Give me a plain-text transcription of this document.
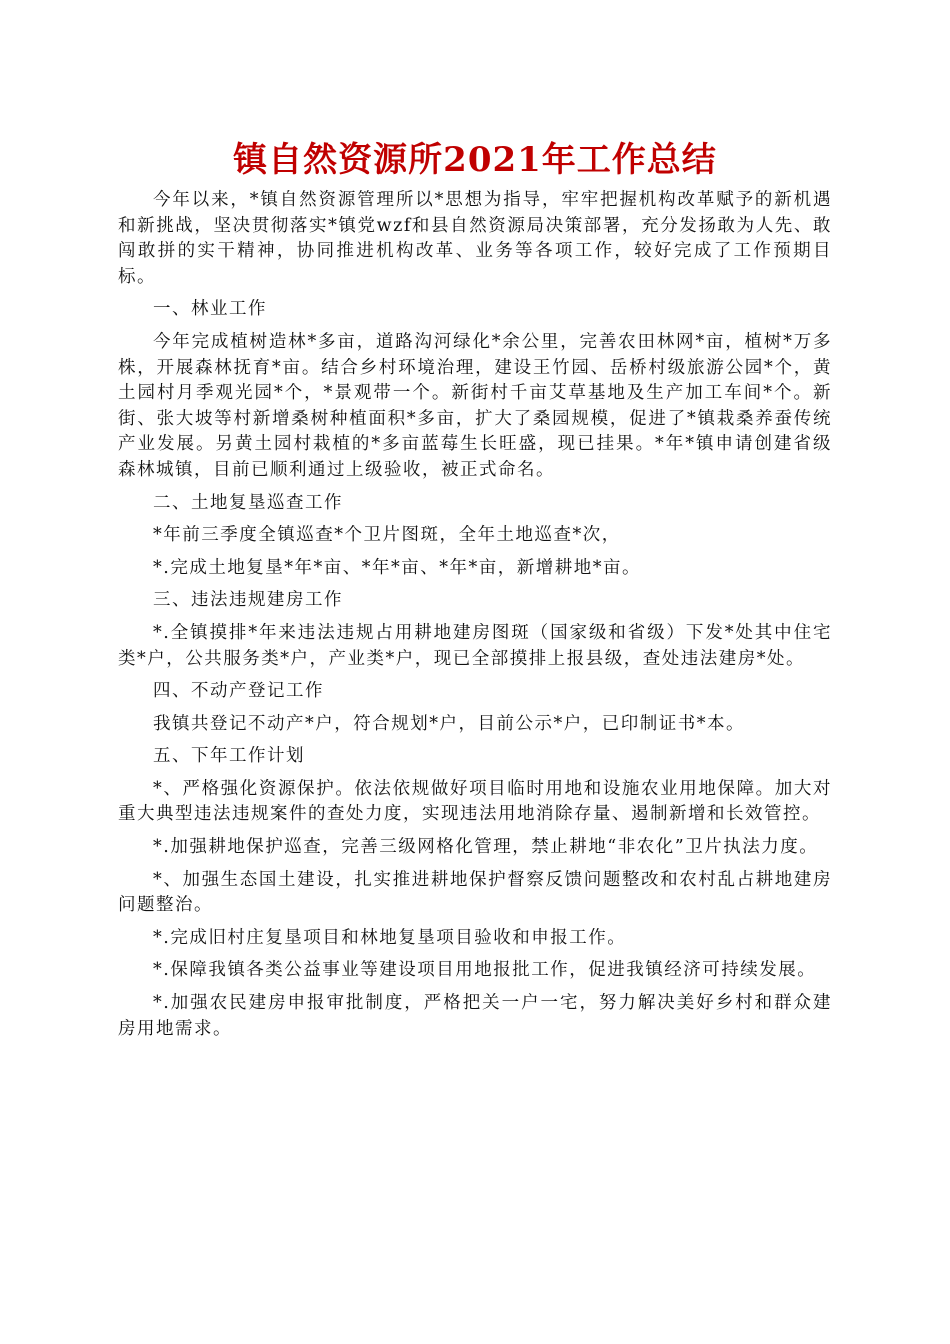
镇自然资源所2021年工作总结

今年以来，*镇自然资源管理所以*思想为指导，牢牢把握机构改革赋予的新机遇和新挑战，坚决贯彻落实*镇党wzf和县自然资源局决策部署，充分发扬敢为人先、敢闯敢拼的实干精神，协同推进机构改革、业务等各项工作，较好完成了工作预期目标。

一、林业工作

今年完成植树造林*多亩，道路沟河绿化*余公里，完善农田林网*亩，植树*万多株，开展森林抚育*亩。结合乡村环境治理，建设王竹园、岳桥村级旅游公园*个，黄土园村月季观光园*个，*景观带一个。新街村千亩艾草基地及生产加工车间*个。新街、张大坡等村新增桑树种植面积*多亩，扩大了桑园规模，促进了*镇栽桑养蚕传统产业发展。另黄土园村栽植的*多亩蓝莓生长旺盛，现已挂果。*年*镇申请创建省级森林城镇，目前已顺利通过上级验收，被正式命名。

二、土地复垦巡查工作

*年前三季度全镇巡查*个卫片图斑，全年土地巡查*次，

*.完成土地复垦*年*亩、*年*亩、*年*亩，新增耕地*亩。

三、违法违规建房工作

*.全镇摸排*年来违法违规占用耕地建房图斑（国家级和省级）下发*处其中住宅类*户，公共服务类*户，产业类*户，现已全部摸排上报县级，查处违法建房*处。

四、不动产登记工作

我镇共登记不动产*户，符合规划*户，目前公示*户，已印制证书*本。

五、下年工作计划

*、严格强化资源保护。依法依规做好项目临时用地和设施农业用地保障。加大对重大典型违法违规案件的查处力度，实现违法用地消除存量、遏制新增和长效管控。

*.加强耕地保护巡查，完善三级网格化管理，禁止耕地“非农化”卫片执法力度。

*、加强生态国土建设，扎实推进耕地保护督察反馈问题整改和农村乱占耕地建房问题整治。

*.完成旧村庄复垦项目和林地复垦项目验收和申报工作。

*.保障我镇各类公益事业等建设项目用地报批工作，促进我镇经济可持续发展。

*.加强农民建房申报审批制度，严格把关一户一宅，努力解决美好乡村和群众建房用地需求。
